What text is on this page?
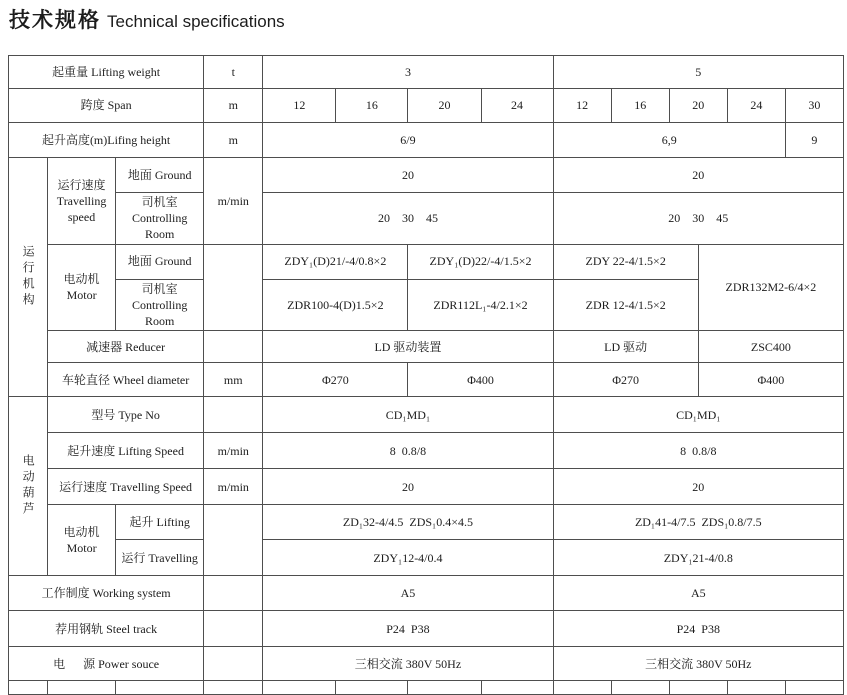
技术规格 Technical specifications
起重量 Lifting weight			t	3				5					
跨度 Span			m	12	16	20	24	12	16	20		24	30
起升高度(m)Lifing height			m	6/9				6,9					9
运行机构	运行速度 Travelling speed	地面 Ground	m/min	20				20					
		司机室 Controlling Room		20    30    45				20    30    45					
	电动机 Motor	地面 Ground		ZDY₁(D)21/-4/0.8×2		ZDY₁(D)22/-4/1.5×2		ZDY 22-4/1.5×2			ZDR132M2-6/4×2		
		司机室 Controlling Room		ZDR100-4(D)1.5×2		ZDR112L₁-4/2.1×2		ZDR 12-4/1.5×2					
	减速器 Reducer			LD 驱动装置				LD 驱动			ZSC400		
	车轮直径 Wheel diameter		mm	Φ270		Φ400		Φ270			Φ400		
电动葫芦	型号 Type No			CD₁MD₁				CD₁MD₁					
	起升速度 Lifting Speed		m/min	8  0.8/8				8  0.8/8					
	运行速度 Travelling Speed		m/min	20				20					
	电动机 Motor	起升 Lifting		ZD₁32-4/4.5  ZDS₁0.4×4.5				ZD₁41-4/7.5  ZDS₁0.8/7.5					
		运行 Travelling		ZDY₁12-4/0.4				ZDY₁21-4/0.8					
工作制度 Working system				A5				A5					
荐用钢轨 Steel track				P24  P38				P24  P38					
电      源 Power souce				三相交流 380V 50Hz				三相交流 380V 50Hz					
